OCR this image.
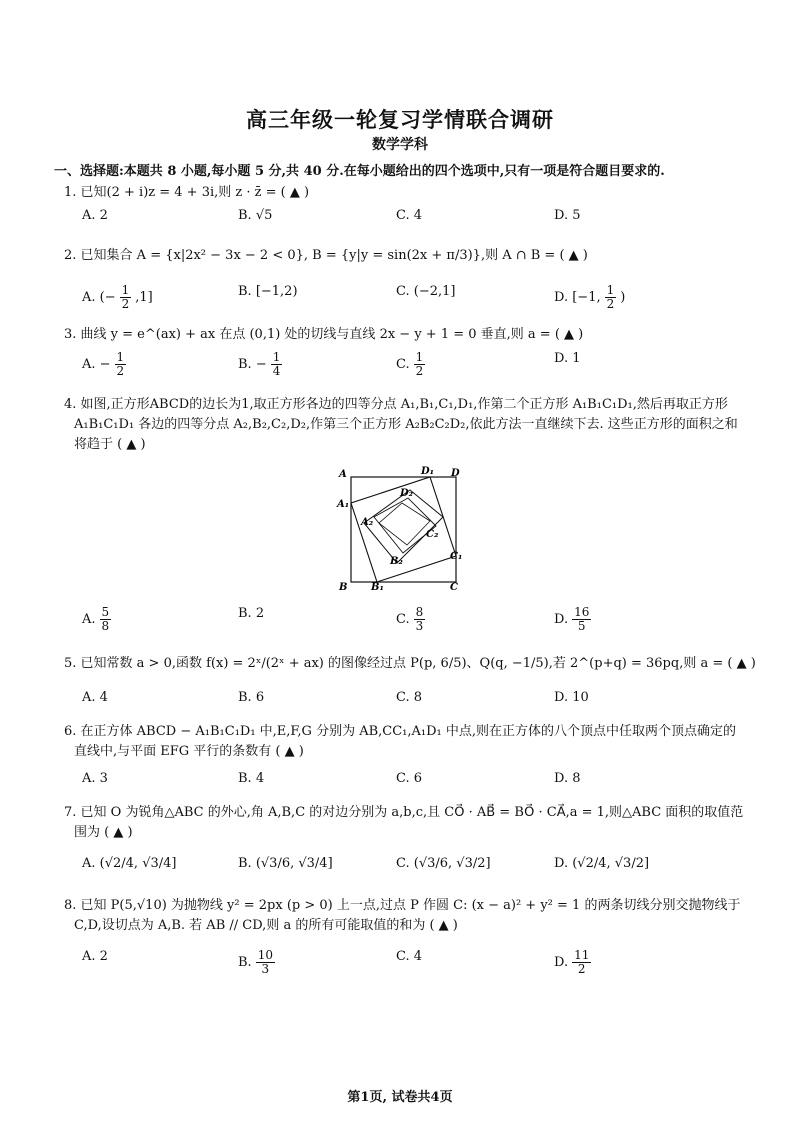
高三年级一轮复习学情联合调研
数学学科
一、选择题:本题共 8 小题,每小题 5 分,共 40 分.在每小题给出的四个选项中,只有一项是符合题目要求的.
1. 已知(2 + i)z = 4 + 3i,则 z · z̄ = ( ▲ )
A. 2	B. √5	C. 4	D. 5
2. 已知集合 A = {x|2x² − 3x − 2 < 0}, B = {y|y = sin(2x + π/3)},则 A ∩ B = ( ▲ )
A. (− $\frac{1}{2} ,1$]	B. [−1,2)	C. (−2,1]	D. [−1, $\frac{1}{2}$ )
3. 曲线 y = e^(ax) + ax 在点 (0,1) 处的切线与直线 2x − y + 1 = 0 垂直,则 a = ( ▲ )
A. − $\frac{1}{2}$	B. − $\frac{1}{4}$	C. $\frac{1}{2}$	D. 1
4. 如图,正方形ABCD的边长为1,取正方形各边的四等分点 A₁,B₁,C₁,D₁,作第二个正方形 A₁B₁C₁D₁,然后再取正方形 A₁B₁C₁D₁ 各边的四等分点 A₂,B₂,C₂,D₂,作第三个正方形 A₂B₂C₂D₂,依此方法一直继续下去. 这些正方形的面积之和将趋于 ( ▲ )
A	D₁ D
D₂
A₁
A₂
C₂
B₂	C₁
B B₁	C
A. $\frac{5}{8}$	B. 2	C. $\frac{8}{3}$	D. $\frac{16}{5}$
5. 已知常数 a > 0,函数 f(x) = 2ˣ/(2ˣ + ax) 的图像经过点 P(p, 6/5)、Q(q, −1/5),若 2^(p+q) = 36pq,则 a = ( ▲ )
A. 4	B. 6	C. 8	D. 10
6. 在正方体 ABCD − A₁B₁C₁D₁ 中,E,F,G 分别为 AB,CC₁,A₁D₁ 中点,则在正方体的八个顶点中任取两个顶点确定的直线中,与平面 EFG 平行的条数有 ( ▲ )
A. 3	B. 4	C. 6	D. 8
7. 已知 O 为锐角△ABC 的外心,角 A,B,C 的对边分别为 a,b,c,且 CO⃗ · AB⃗ = BO⃗ · CA⃗,a = 1,则△ABC 面积的取值范围为 ( ▲ )
A. (√2/4, √3/4]	B. (√3/6, √3/4]	C. (√3/6, √3/2]	D. (√2/4, √3/2]
8. 已知 P(5,√10) 为抛物线 y² = 2px (p > 0) 上一点,过点 P 作圆 C: (x − a)² + y² = 1 的两条切线分别交抛物线于 C,D,设切点为 A,B. 若 AB // CD,则 a 的所有可能取值的和为 ( ▲ )
A. 2	B. $\frac{10}{3}$	C. 4	D. $\frac{11}{2}$
第1页, 试卷共4页
